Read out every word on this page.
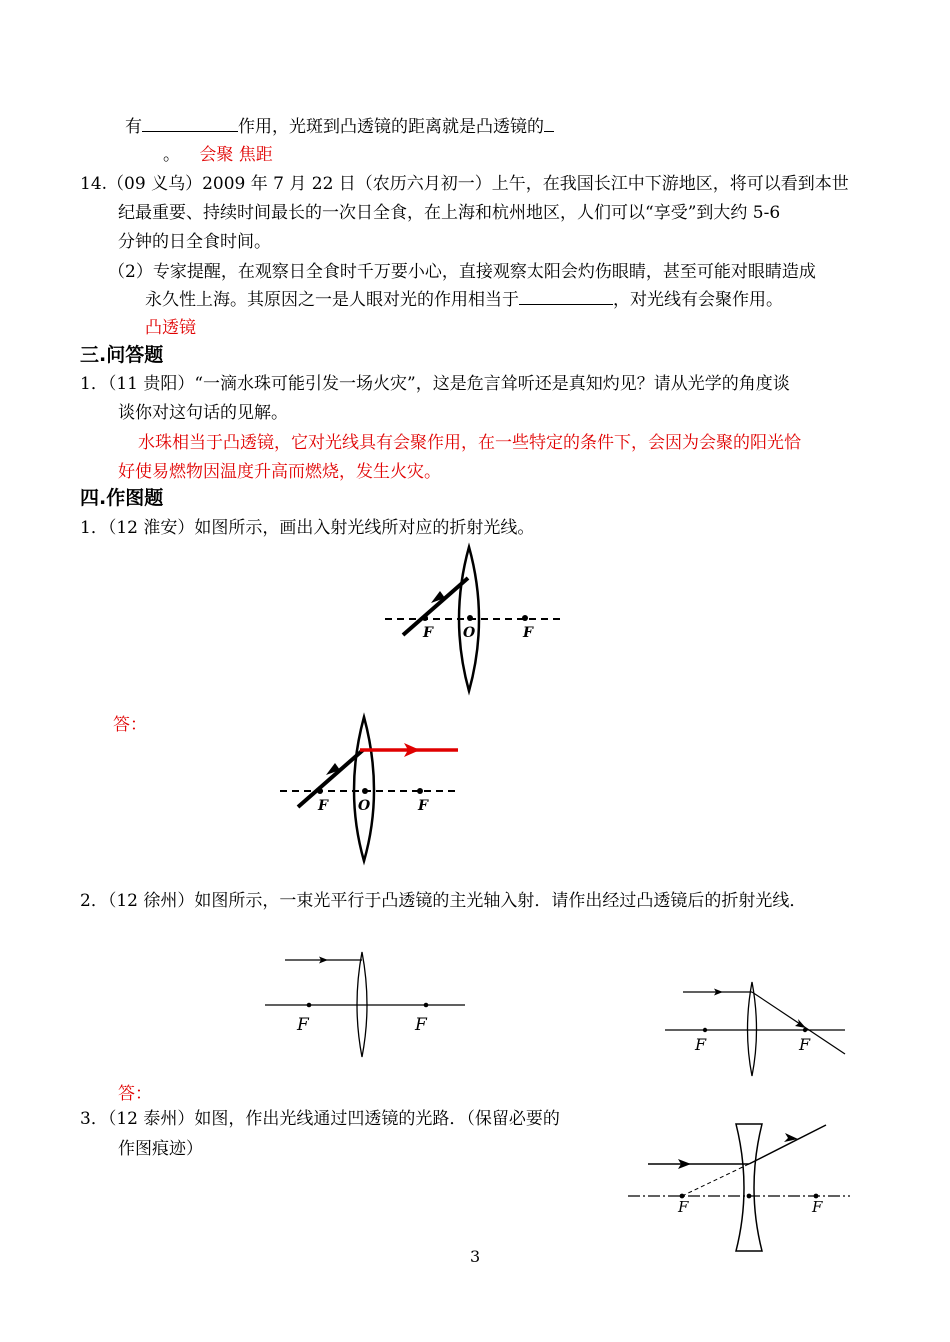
有	作用，光斑到凸透镜的距离就是凸透镜的
。 会聚 焦距
14.（09 义乌）2009 年 7 月 22 日（农历六月初一）上午，在我国长江中下游地区，将可以看到本世
纪最重要、持续时间最长的一次日全食，在上海和杭州地区，人们可以“享受”到大约 5-6
分钟的日全食时间。
（2）专家提醒，在观察日全食时千万要小心，直接观察太阳会灼伤眼睛，甚至可能对眼睛造成
永久性上海。其原因之一是人眼对光的作用相当于	，对光线有会聚作用。
凸透镜
三.问答题
1．（11 贵阳）“一滴水珠可能引发一场火灾”，这是危言耸听还是真知灼见？请从光学的角度谈
谈你对这句话的见解。
水珠相当于凸透镜，它对光线具有会聚作用，在一些特定的条件下，会因为会聚的阳光恰
好使易燃物因温度升高而燃烧，发生火灾。
四.作图题
1．（12 淮安）如图所示，画出入射光线所对应的折射光线。
F O	F
答：
F O	F
2．（12 徐州）如图所示，一束光平行于凸透镜的主光轴入射．请作出经过凸透镜后的折射光线．
F	F
F	F
答：
3．（12 泰州）如图，作出光线通过凹透镜的光路．（保留必要的
作图痕迹）
F	F
3
